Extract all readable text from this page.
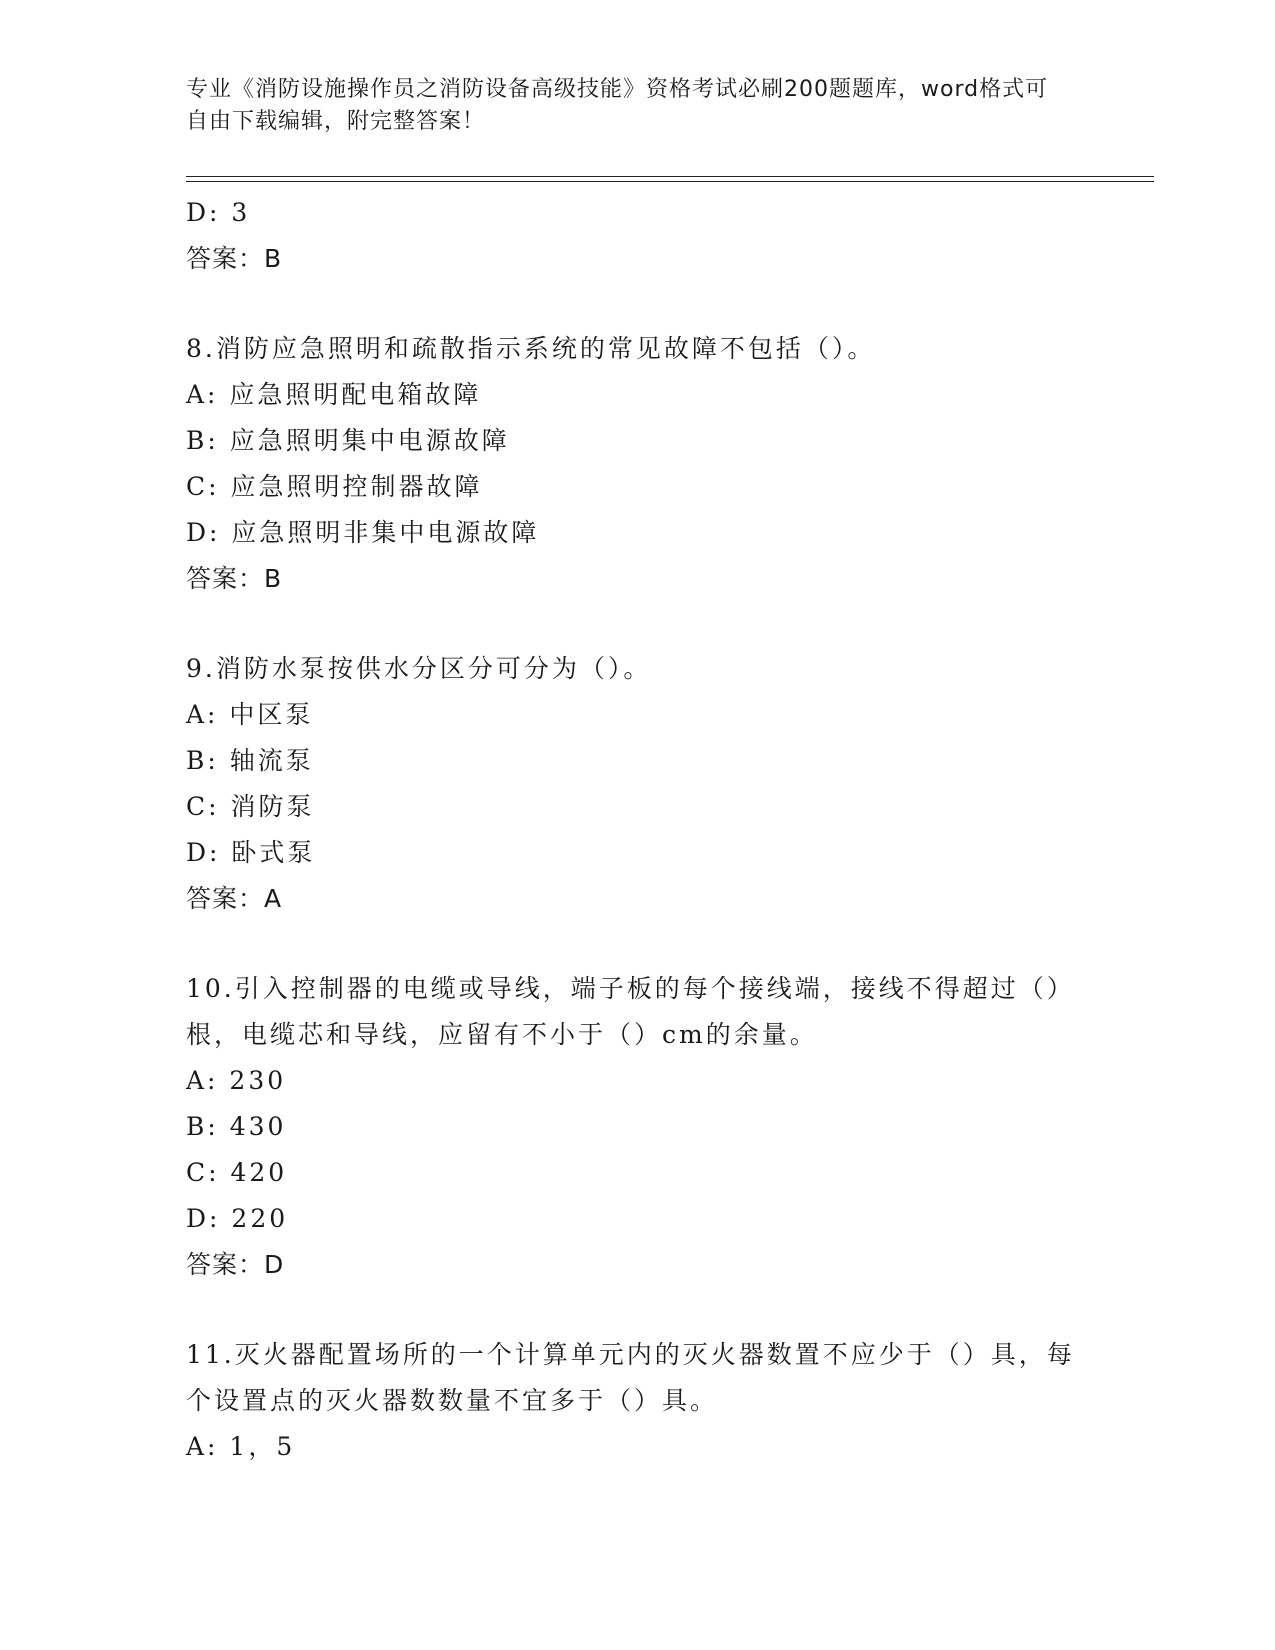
专业《消防设施操作员之消防设备高级技能》资格考试必刷200题题库，word格式可自由下载编辑，附完整答案！
D: 3
答案：B
8.消防应急照明和疏散指示系统的常见故障不包括（）。
A: 应急照明配电箱故障
B: 应急照明集中电源故障
C: 应急照明控制器故障
D: 应急照明非集中电源故障
答案：B
9.消防水泵按供水分区分可分为（）。
A: 中区泵
B: 轴流泵
C: 消防泵
D: 卧式泵
答案：A
10.引入控制器的电缆或导线，端子板的每个接线端，接线不得超过（）根，电缆芯和导线，应留有不小于（）cm的余量。
A: 230
B: 430
C: 420
D: 220
答案：D
11.灭火器配置场所的一个计算单元内的灭火器数置不应少于（）具，每个设置点的灭火器数数量不宜多于（）具。
A: 1，5
